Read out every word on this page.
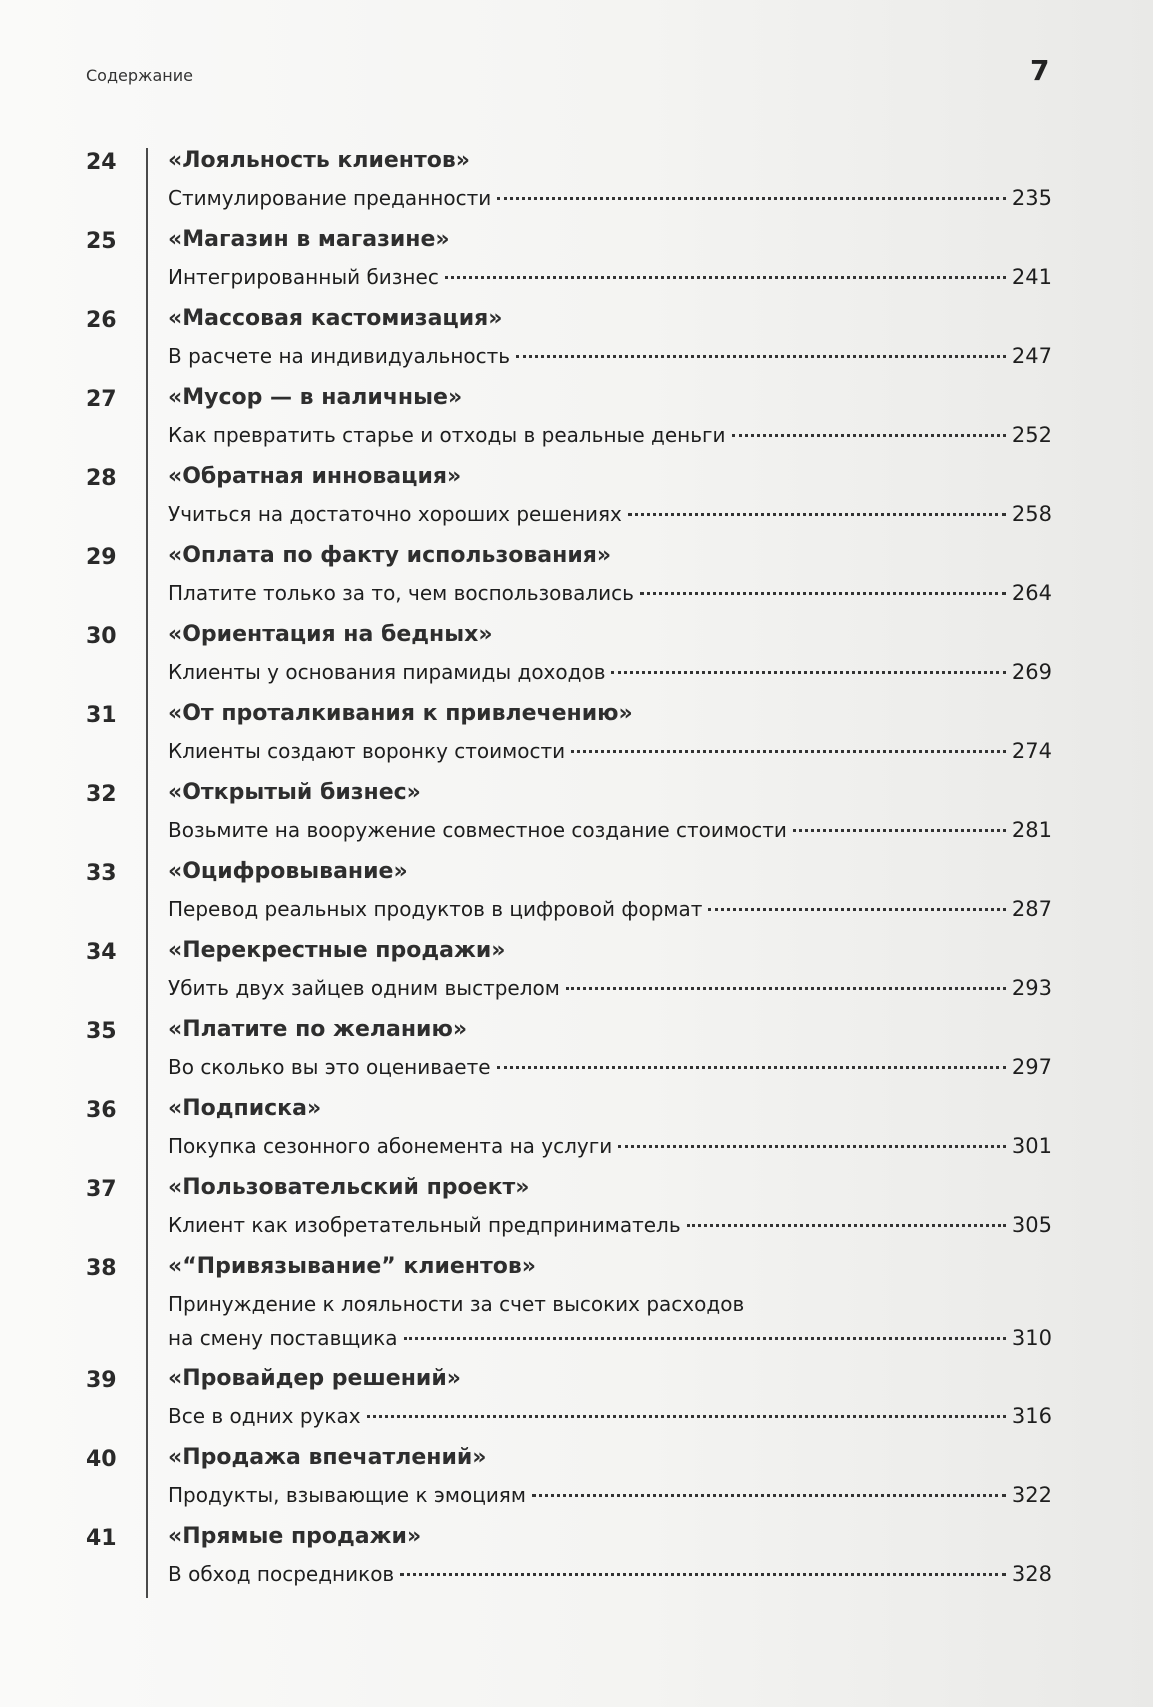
Содержание	7
24	«Лояльность клиентов»
Стимулирование преданности	235
25	«Магазин в магазине»
Интегрированный бизнес	241
26	«Массовая кастомизация»
В расчете на индивидуальность	247
27	«Мусор — в наличные»
Как превратить старье и отходы в реальные деньги	252
28	«Обратная инновация»
Учиться на достаточно хороших решениях	258
29	«Оплата по факту использования»
Платите только за то, чем воспользовались	264
30	«Ориентация на бедных»
Клиенты у основания пирамиды доходов	269
31	«От проталкивания к привлечению»
Клиенты создают воронку стоимости	274
32	«Открытый бизнес»
Возьмите на вооружение совместное создание стоимости	281
33	«Оцифровывание»
Перевод реальных продуктов в цифровой формат	287
34	«Перекрестные продажи»
Убить двух зайцев одним выстрелом	293
35	«Платите по желанию»
Во сколько вы это оцениваете	297
36	«Подписка»
Покупка сезонного абонемента на услуги	301
37	«Пользовательский проект»
Клиент как изобретательный предприниматель	305
38	«“Привязывание” клиентов»
Принуждение к лояльности за счет высоких расходов
на смену поставщика	310
39	«Провайдер решений»
Все в одних руках	316
40	«Продажа впечатлений»
Продукты, взывающие к эмоциям	322
41	«Прямые продажи»
В обход посредников	328
